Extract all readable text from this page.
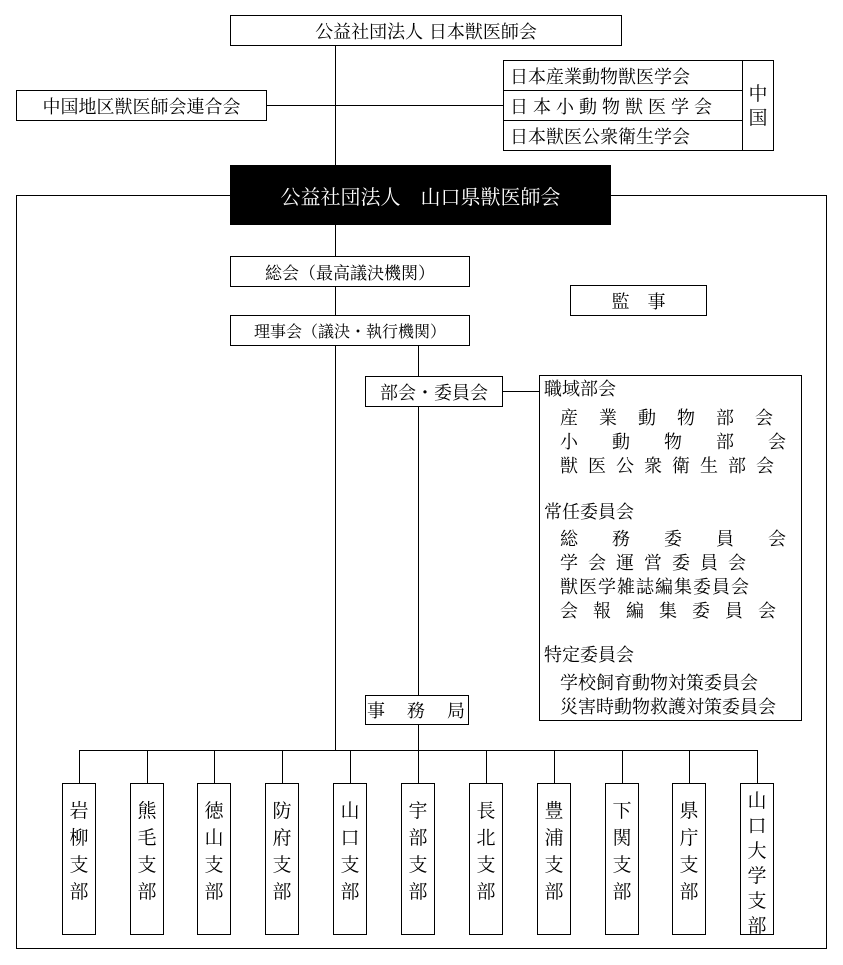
公益社団法人 日本獣医師会
中国地区獣医師会連合会
日本産業動物獣医学会
日本小動物獣医学会
日本獣医公衆衛生学会
中
国
公益社団法人　山口県獣医師会
総会（最高議決機関）
監　事
理事会（議決・執行機関）
部会・委員会	職域部会
産業動物部会
小動物部会
獣医公衆衛生部会
常任委員会
総務委員会
学会運営委員会
獣医学雑誌編集委員会
会報編集委員会
特定委員会
学校飼育動物対策委員会
災害時動物救護対策委員会
事　務　局
岩柳支部
熊毛支部
徳山支部
防府支部
山口支部
宇部支部
長北支部
豊浦支部
下関支部
県庁支部
山口大学支部
